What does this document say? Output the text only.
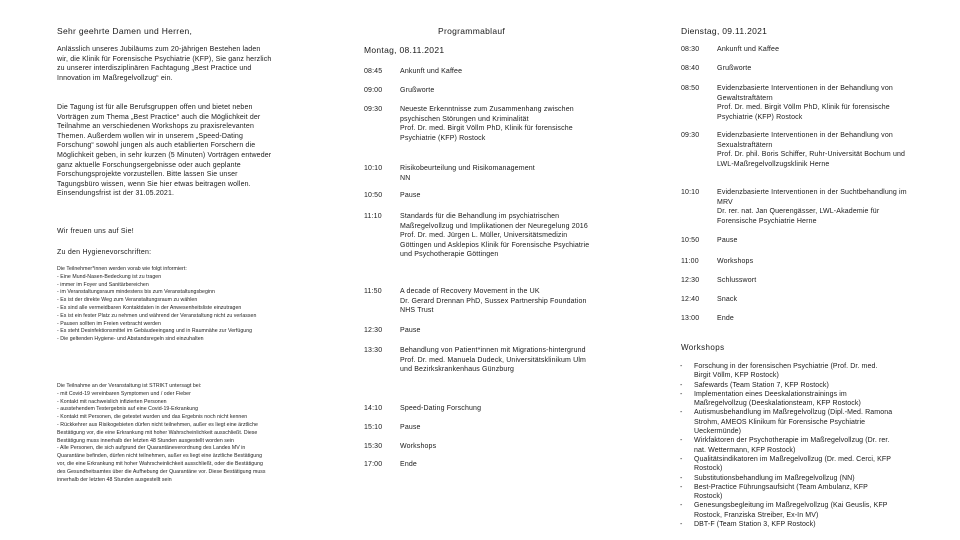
Sehr geehrte Damen und Herren,
Anlässlich unseres Jubiläums zum 20-jährigen Bestehen laden wir, die Klinik für Forensische Psychiatrie (KFP), Sie ganz herzlich zu unserer interdisziplinären Fachtagung „Best Practice und Innovation im Maßregelvollzug“ ein.
Die Tagung ist für alle Berufsgruppen offen und bietet neben Vorträgen zum Thema „Best Practice“ auch die Möglichkeit der Teilnahme an verschiedenen Workshops zu praxisrelevanten Themen. Außerdem wollen wir in unserem „Speed-Dating Forschung“ sowohl jungen als auch etablierten Forschern die Möglichkeit geben, in sehr kurzen (5 Minuten) Vorträgen entweder ganz aktuelle Forschungsergebnisse oder auch geplante Forschungsprojekte vorzustellen. Bitte lassen Sie unser Tagungsbüro wissen, wenn Sie hier etwas beitragen wollen. Einsendungsfrist ist der 31.05.2021.
Wir freuen uns auf Sie!
Zu den Hygienevorschriften:
Die Teilnehmer*innen werden vorab wie folgt informiert:
- Eine Mund-Nasen-Bedeckung ist zu tragen
- immer im Foyer und Sanitärbereichen
- im Veranstaltungsraum mindestens bis zum Veranstaltungsbeginn
- Es ist der direkte Weg zum Veranstaltungsraum zu wählen
- Es sind alle vermeidbaren Kontaktdaten in der Anwesenheitsliste einzutragen
- Es ist ein fester Platz zu nehmen und während der Veranstaltung nicht zu verlassen
- Pausen sollten im Freien verbracht werden
- Es steht Desinfektionsmittel im Gebäudeeingang und in Raumnähe zur Verfügung
- Die geltenden Hygiene- und Abstandsregeln sind einzuhalten
Die Teilnahme an der Veranstaltung ist STRIKT untersagt bei:
- mit Covid-19 vereinbaren Symptomen und / oder Fieber
- Kontakt mit nachweislich infizierten Personen
- ausstehendem Testergebnis auf eine Covid-19-Erkrankung
- Kontakt mit Personen, die getestet wurden und das Ergebnis noch nicht kennen
- Rückkehrer aus Risikogebieten dürfen nicht teilnehmen, außer es liegt eine ärztliche Bestätigung vor, die eine Erkrankung mit hoher Wahrscheinlichkeit ausschließt. Diese Bestätigung muss innerhalb der letzten 48 Stunden ausgestellt worden sein
- Alle Personen, die sich aufgrund der Quarantäneverordnung des Landes MV in Quarantäne befinden, dürfen nicht teilnehmen, außer es liegt eine ärztliche Bestätigung vor, die eine Erkrankung mit hoher Wahrscheinlichkeit ausschließt, oder die Bestätigung des Gesundheitsamtes über die Aufhebung der Quarantäne vor. Diese Bestätigung muss innerhalb der letzten 48 Stunden ausgestellt sein
Programmablauf
Montag, 08.11.2021
08:45	Ankunft und Kaffee
09:00	Grußworte
09:30	Neueste Erkenntnisse zum Zusammenhang zwischen psychischen Störungen und Kriminalität
Prof. Dr. med. Birgit Völlm PhD, Klinik für forensische Psychiatrie (KFP) Rostock
10:10	Risikobeurteilung und Risikomanagement
NN
10:50	Pause
11:10	Standards für die Behandlung im psychiatrischen Maßregelvollzug und Implikationen der Neuregelung 2016
Prof. Dr. med. Jürgen L. Müller, Universitätsmedizin Göttingen und Asklepios Klinik für Forensische Psychiatrie und Psychotherapie Göttingen
11:50	A decade of Recovery Movement in the UK
Dr. Gerard Drennan PhD, Sussex Partnership Foundation NHS Trust
12:30	Pause
13:30	Behandlung von Patient*innen mit Migrations-hintergrund
Prof. Dr. med. Manuela Dudeck, Universitätsklinikum Ulm und Bezirkskrankenhaus Günzburg
14:10	Speed-Dating Forschung
15:10	Pause
15:30	Workshops
17:00	Ende
Dienstag, 09.11.2021
08:30	Ankunft und Kaffee
08:40	Grußworte
08:50	Evidenzbasierte Interventionen in der Behandlung von Gewaltstraftätern
Prof. Dr. med. Birgit Völlm PhD, Klinik für forensische Psychiatrie (KFP) Rostock
09:30	Evidenzbasierte Interventionen in der Behandlung von Sexualstraftätern
Prof. Dr. phil. Boris Schiffer, Ruhr-Universität Bochum und LWL-Maßregelvollzugsklinik Herne
10:10	Evidenzbasierte Interventionen in der Suchtbehandlung im MRV
Dr. rer. nat. Jan Querengässer, LWL-Akademie für Forensische Psychiatrie Herne
10:50	Pause
11:00	Workshops
12:30	Schlusswort
12:40	Snack
13:00	Ende
Workshops
-	Forschung in der forensischen Psychiatrie (Prof. Dr. med. Birgit Völlm, KFP Rostock)
-	Safewards (Team Station 7, KFP Rostock)
-	Implementation eines Deeskalationstrainings im Maßregelvollzug (Deeskalationsteam, KFP Rostock)
-	Autismusbehandlung im Maßregelvollzug (Dipl.-Med. Ramona Strohm, AMEOS Klinikum für Forensische Psychiatrie Ueckermünde)
-	Wirkfaktoren der Psychotherapie im Maßregelvollzug (Dr. rer. nat. Wettermann, KFP Rostock)
-	Qualitätsindikatoren im Maßregelvollzug (Dr. med. Cerci, KFP Rostock)
-	Substitutionsbehandlung im Maßregelvollzug (NN)
-	Best-Practice Führungsaufsicht (Team Ambulanz, KFP Rostock)
-	Genesungsbegleitung im Maßregelvollzug (Kai Geuslis, KFP Rostock, Franziska Streiber, Ex-In MV)
-	DBT-F (Team Station 3, KFP Rostock)
